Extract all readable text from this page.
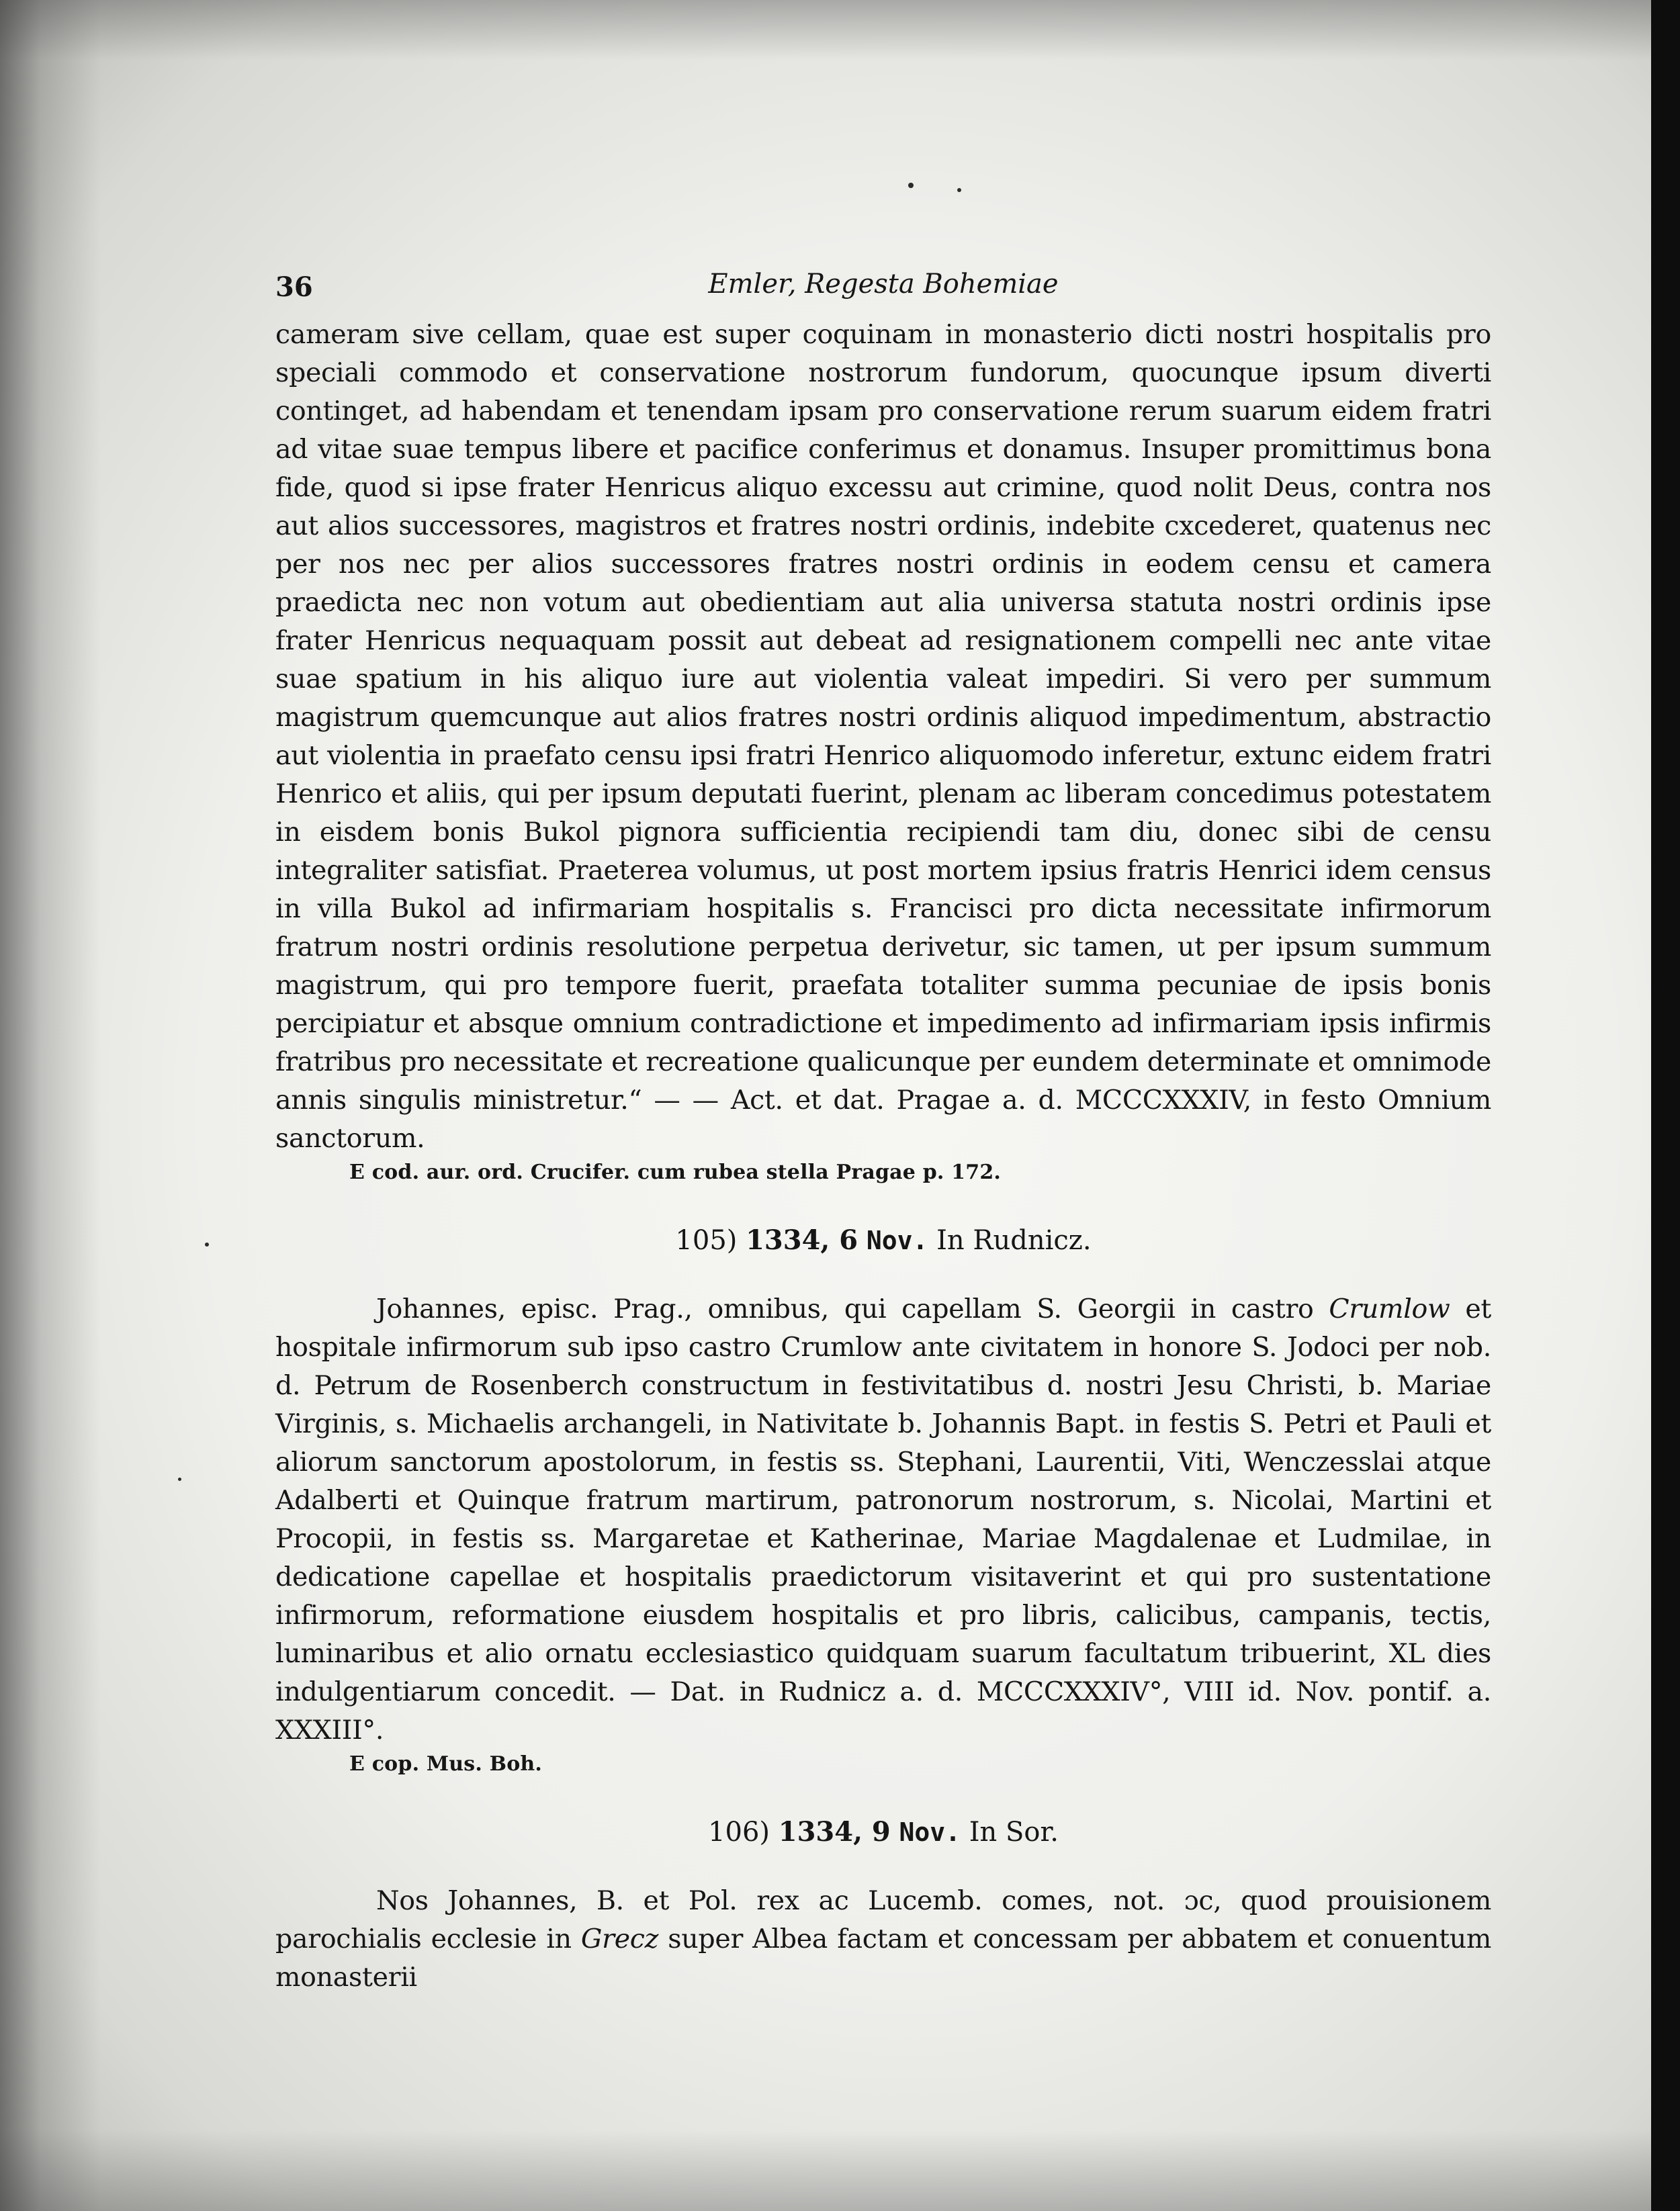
36	Emler, Regesta Bohemiae

cameram sive cellam, quae est super coquinam in monasterio dicti nostri hospitalis pro speciali commodo et conservatione nostrorum fundorum, quocunque ipsum diverti continget, ad habendam et tenendam ipsam pro conservatione rerum suarum eidem fratri ad vitae suae tempus libere et pacifice conferimus et donamus. Insuper promittimus bona fide, quod si ipse frater Henricus aliquo excessu aut crimine, quod nolit Deus, contra nos aut alios successores, magistros et fratres nostri ordinis, indebite cxcederet, quatenus nec per nos nec per alios successores fratres nostri ordinis in eodem censu et camera praedicta nec non votum aut obedientiam aut alia universa statuta nostri ordinis ipse frater Henricus nequaquam possit aut debeat ad resignationem compelli nec ante vitae suae spatium in his aliquo iure aut violentia valeat impediri. Si vero per summum magistrum quemcunque aut alios fratres nostri ordinis aliquod impedimentum, abstractio aut violentia in praefato censu ipsi fratri Henrico aliquomodo inferetur, extunc eidem fratri Henrico et aliis, qui per ipsum deputati fuerint, plenam ac liberam concedimus potestatem in eisdem bonis Bukol pignora sufficientia recipiendi tam diu, donec sibi de censu integraliter satisfiat. Praeterea volumus, ut post mortem ipsius fratris Henrici idem census in villa Bukol ad infirmariam hospitalis s. Francisci pro dicta necessitate infirmorum fratrum nostri ordinis resolutione perpetua derivetur, sic tamen, ut per ipsum summum magistrum, qui pro tempore fuerit, praefata totaliter summa pecuniae de ipsis bonis percipiatur et absque omnium contradictione et impedimento ad infirmariam ipsis infirmis fratribus pro necessitate et recreatione qualicunque per eundem determinate et omnimode annis singulis ministretur.“ — — Act. et dat. Pragae a. d. MCCCXXXIV, in festo Omnium sanctorum.

E cod. aur. ord. Crucifer. cum rubea stella Pragae p. 172.

105) 1334, 6 Nov. In Rudnicz.

Johannes, episc. Prag., omnibus, qui capellam S. Georgii in castro Crumlow et hospitale infirmorum sub ipso castro Crumlow ante civitatem in honore S. Jodoci per nob. d. Petrum de Rosenberch constructum in festivitatibus d. nostri Jesu Christi, b. Mariae Virginis, s. Michaelis archangeli, in Nativitate b. Johannis Bapt. in festis S. Petri et Pauli et aliorum sanctorum apostolorum, in festis ss. Stephani, Laurentii, Viti, Wenczesslai atque Adalberti et Quinque fratrum martirum, patronorum nostrorum, s. Nicolai, Martini et Procopii, in festis ss. Margaretae et Katherinae, Mariae Magdalenae et Ludmilae, in dedicatione capellae et hospitalis praedictorum visitaverint et qui pro sustentatione infirmorum, reformatione eiusdem hospitalis et pro libris, calicibus, campanis, tectis, luminaribus et alio ornatu ecclesiastico quidquam suarum facultatum tribuerint, XL dies indulgentiarum concedit. — Dat. in Rudnicz a. d. MCCCXXXIV°, VIII id. Nov. pontif. a. XXXIII°.

E cop. Mus. Boh.

106) 1334, 9 Nov. In Sor.

Nos Johannes, B. et Pol. rex ac Lucemb. comes, not. ɔc, quod prouisionem parochialis ecclesie in Grecz super Albea factam et concessam per abbatem et conuentum monasterii
